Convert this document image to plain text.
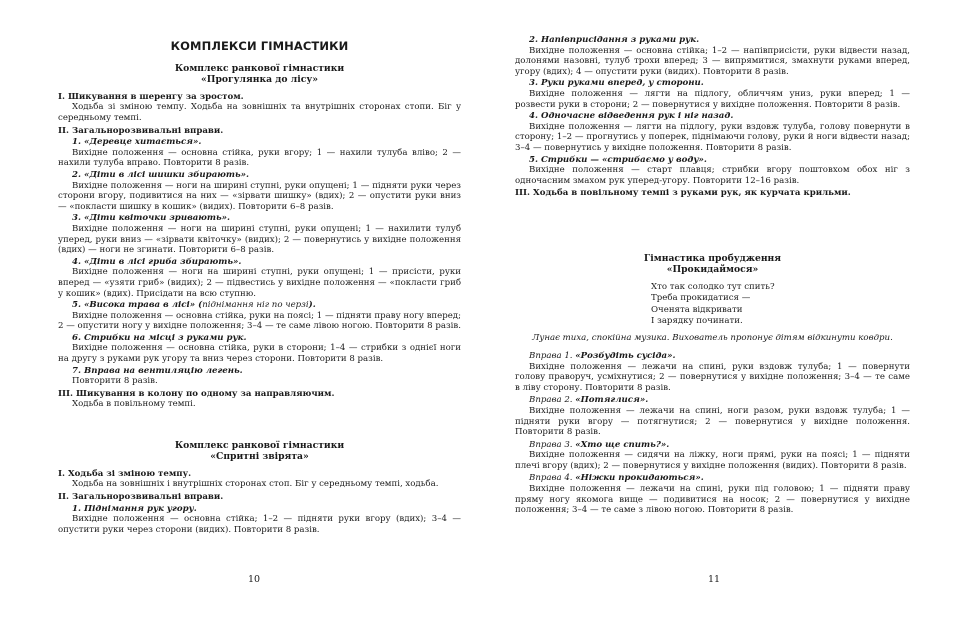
КОМПЛЕКСИ ГІМНАСТИКИ
Комплекс ранкової гімнастики
«Прогулянка до лісу»
I. Шикування в шеренгу за зростом.
Ходьба зі зміною темпу. Ходьба на зовнішніх та внутрішніх сторонах стопи. Біг у середньому темпі.
II. Загальнорозвивальні вправи.
1. «Деревце хитається».
Вихідне положення — основна стійка, руки вгору; 1 — нахили тулуба вліво; 2 — нахили тулуба вправо. Повторити 8 разів.
2. «Діти в лісі шишки збирають».
Вихідне положення — ноги на ширині ступні, руки опущені; 1 — підняти руки через сторони вгору, подивитися на них — «зірвати шишку» (вдих); 2 — опустити руки вниз — «покласти шишку в кошик» (видих). Повторити 6–8 разів.
3. «Діти квіточки зривають».
Вихідне положення — ноги на ширині ступні, руки опущені; 1 — нахилити тулуб уперед, руки вниз — «зірвати квіточку» (видих); 2 — повернутись у вихідне положення (вдих) — ноги не згинати. Повторити 6–8 разів.
4. «Діти в лісі гриба збирають».
Вихідне положення — ноги на ширині ступні, руки опущені; 1 — присісти, руки вперед — «узяти гриб» (видих); 2 — підвестись у вихідне положення — «покласти гриб у кошик» (вдих). Присідати на всю ступню.
5. «Висока трава в лісі» (піднімання ніг по черзі).
Вихідне положення — основна стійка, руки на поясі; 1 — підняти праву ногу вперед; 2 — опустити ногу у вихідне положення; 3–4 — те саме лівою ногою. Повторити 8 разів.
6. Стрибки на місці з руками рук.
Вихідне положення — основна стійка, руки в сторони; 1–4 — стрибки з однієї ноги на другу з руками рук угору та вниз через сторони. Повторити 8 разів.
7. Вправа на вентиляцію легень.
Повторити 8 разів.
III. Шикування в колону по одному за направляючим.
Ходьба в повільному темпі.
Комплекс ранкової гімнастики
«Спритні звірята»
I. Ходьба зі зміною темпу.
Ходьба на зовнішніх і внутрішніх сторонах стоп. Біг у середньому темпі, ходьба.
II. Загальнорозвивальні вправи.
1. Піднімання рук угору.
Вихідне положення — основна стійка; 1–2 — підняти руки вгору (вдих); 3–4 — опустити руки через сторони (видих). Повторити 8 разів.
10
2. Напівприсідання з руками рук.
Вихідне положення — основна стійка; 1–2 — напівприсісти, руки відвести назад, долонями назовні, тулуб трохи вперед; 3 — випрямитися, змахнути руками вперед, угору (вдих); 4 — опустити руки (видих). Повторити 8 разів.
3. Руки руками вперед, у сторони.
Вихідне положення — лягти на підлогу, обличчям униз, руки вперед; 1 — розвести руки в сторони; 2 — повернутися у вихідне положення. Повторити 8 разів.
4. Одночасне відведення рук і ніг назад.
Вихідне положення — лягти на підлогу, руки вздовж тулуба, голову повернути в сторону; 1–2 — прогнутись у поперек, піднімаючи голову, руки й ноги відвести назад; 3–4 — повернутись у вихідне положення. Повторити 8 разів.
5. Стрибки — «стрибаємо у воду».
Вихідне положення — старт плавця; стрибки вгору поштовхом обох ніг з одночасним змахом рук уперед-угору. Повторити 12–16 разів.
III. Ходьба в повільному темпі з руками рук, як курчата крильми.
Гімнастика пробудження
«Прокидаймося»
Хто так солодко тут спить?
Треба прокидатися —
Оченята відкривати
І зарядку починати.
Лунає тиха, спокійна музика. Вихователь пропонує дітям відкинути ковдри.
Вправа 1. «Розбудіть сусіда».
Вихідне положення — лежачи на спині, руки вздовж тулуба; 1 — повернути голову праворуч, усміхнутися; 2 — повернутися у вихідне положення; 3–4 — те саме в ліву сторону. Повторити 8 разів.
Вправа 2. «Потяглися».
Вихідне положення — лежачи на спині, ноги разом, руки вздовж тулуба; 1 — підняти руки вгору — потягнутися; 2 — повернутися у вихідне положення. Повторити 8 разів.
Вправа 3. «Хто ще спить?».
Вихідне положення — сидячи на ліжку, ноги прямі, руки на поясі; 1 — підняти плечі вгору (вдих); 2 — повернутися у вихідне положення (видих). Повторити 8 разів.
Вправа 4. «Ніжки прокидаються».
Вихідне положення — лежачи на спині, руки під головою; 1 — підняти праву пряму ногу якомога вище — подивитися на носок; 2 — повернутися у вихідне положення; 3–4 — те саме з лівою ногою. Повторити 8 разів.
11
